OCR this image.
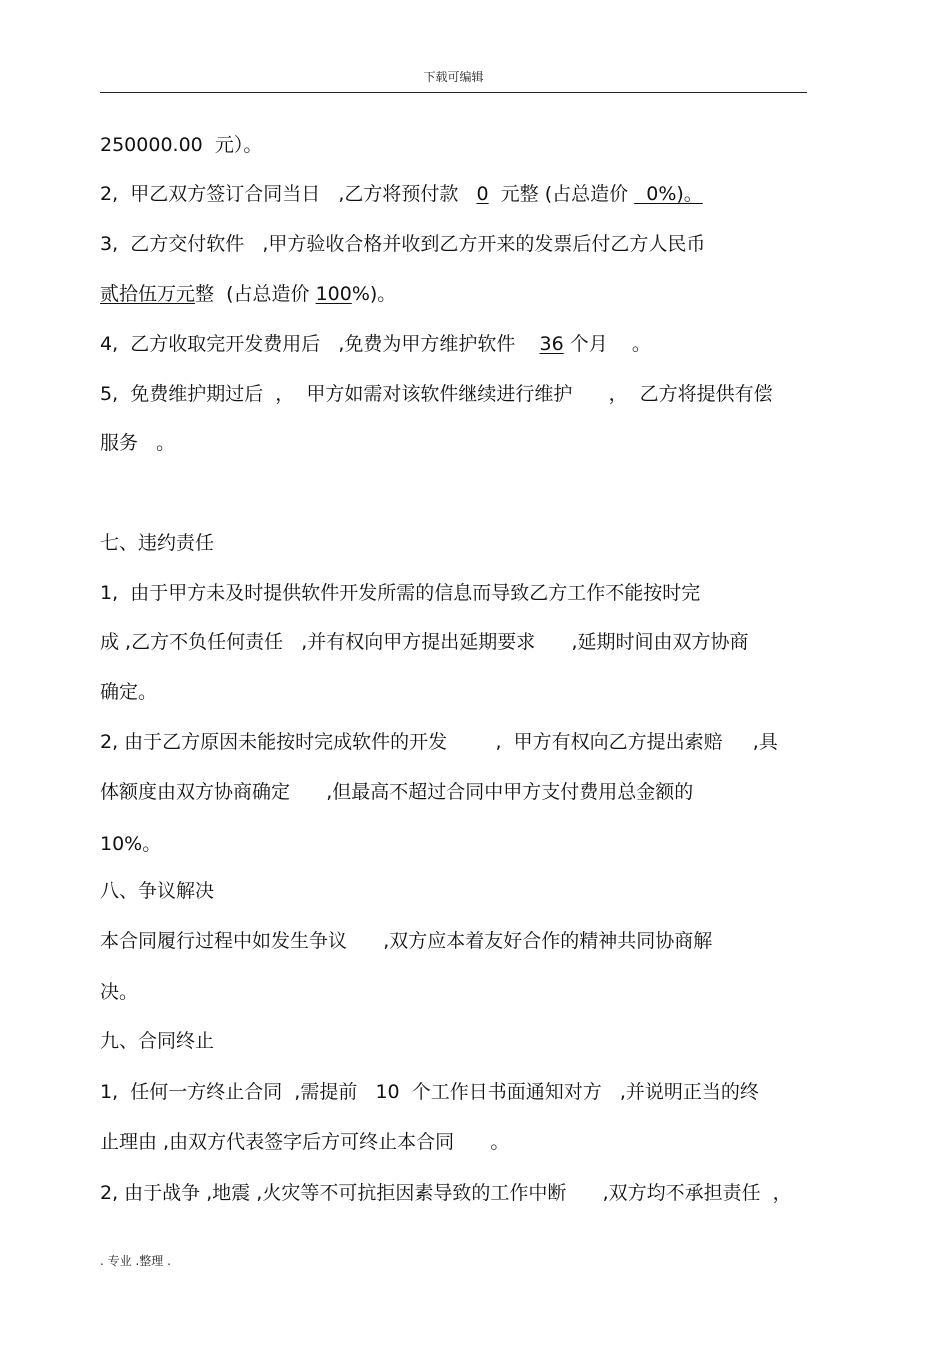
下载可编辑
250000.00  元）。
2,  甲乙双方签订合同当日   ,乙方将预付款   0  元整 (占总造价   0%)。
3,  乙方交付软件   ,甲方验收合格并收到乙方开来的发票后付乙方人民币
贰拾伍万元整  (占总造价 100%)。
4,  乙方收取完开发费用后   ,免费为甲方维护软件    36 个月    。
5,  免费维护期过后  ，  甲方如需对该软件继续进行维护      ，  乙方将提供有偿
服务   。
七、违约责任
1,  由于甲方未及时提供软件开发所需的信息而导致乙方工作不能按时完
成 ,乙方不负任何责任   ,并有权向甲方提出延期要求      ,延期时间由双方协商
确定。
2, 由于乙方原因未能按时完成软件的开发        ,  甲方有权向乙方提出索赔     ,具
体额度由双方协商确定      ,但最高不超过合同中甲方支付费用总金额的
10%。
八、争议解决
本合同履行过程中如发生争议      ,双方应本着友好合作的精神共同协商解
决。
九、合同终止
1,  任何一方终止合同  ,需提前   10  个工作日书面通知对方   ,并说明正当的终
止理由 ,由双方代表签字后方可终止本合同      。
2, 由于战争 ,地震 ,火灾等不可抗拒因素导致的工作中断      ,双方均不承担责任  ，
. 专业 .整理 .
